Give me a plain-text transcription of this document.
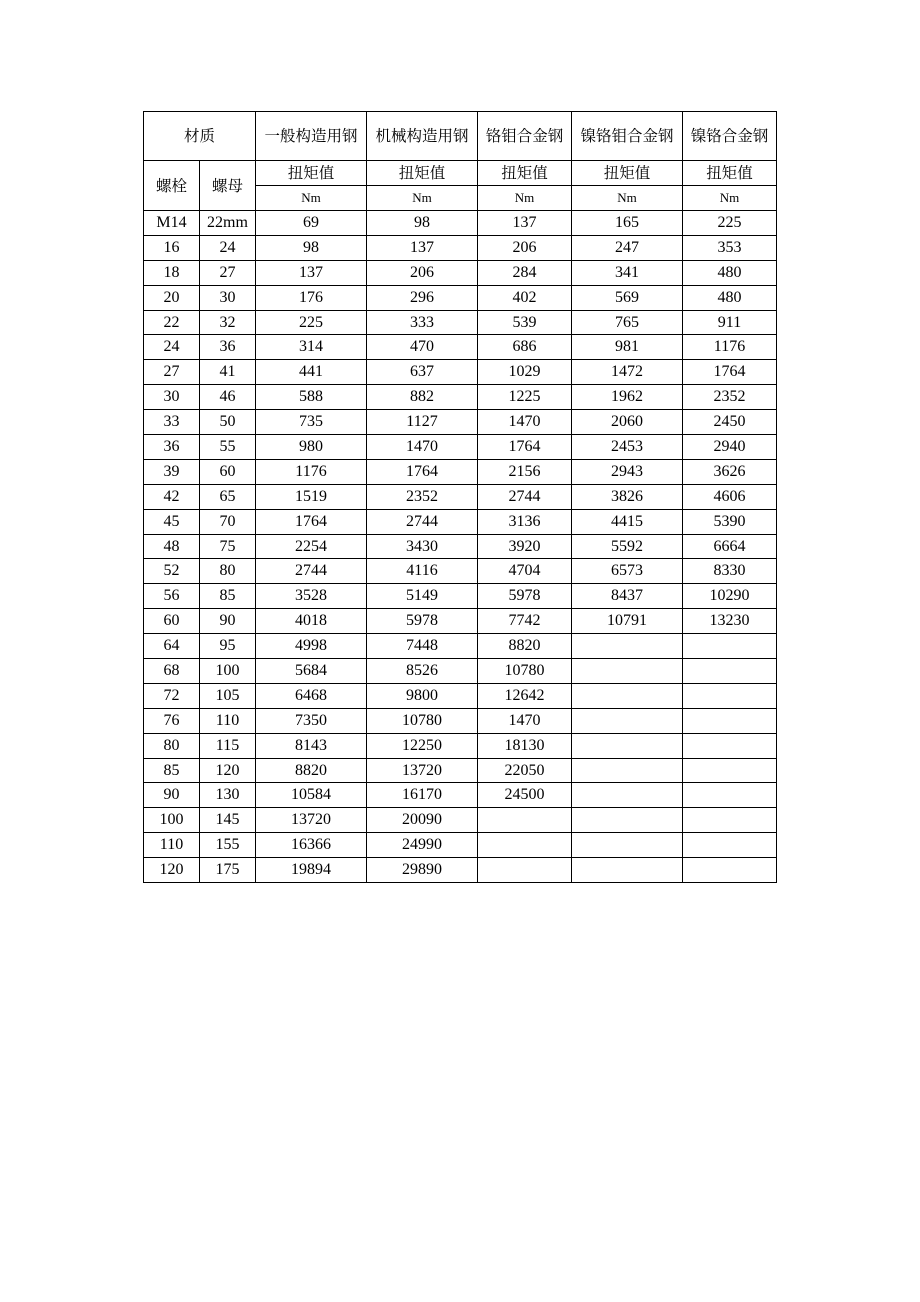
材质		一般构造用钢	机械构造用钢	铬钼合金钢	镍铬钼合金钢	镍铬合金钢
螺栓	螺母	扭矩值	扭矩值	扭矩值	扭矩值	扭矩值
		Nm	Nm	Nm	Nm	Nm
M14	22mm	69	98	137	165	225
16	24	98	137	206	247	353
18	27	137	206	284	341	480
20	30	176	296	402	569	480
22	32	225	333	539	765	911
24	36	314	470	686	981	1176
27	41	441	637	1029	1472	1764
30	46	588	882	1225	1962	2352
33	50	735	1127	1470	2060	2450
36	55	980	1470	1764	2453	2940
39	60	1176	1764	2156	2943	3626
42	65	1519	2352	2744	3826	4606
45	70	1764	2744	3136	4415	5390
48	75	2254	3430	3920	5592	6664
52	80	2744	4116	4704	6573	8330
56	85	3528	5149	5978	8437	10290
60	90	4018	5978	7742	10791	13230
64	95	4998	7448	8820		
68	100	5684	8526	10780		
72	105	6468	9800	12642		
76	110	7350	10780	1470		
80	115	8143	12250	18130		
85	120	8820	13720	22050		
90	130	10584	16170	24500		
100	145	13720	20090			
110	155	16366	24990			
120	175	19894	29890			
